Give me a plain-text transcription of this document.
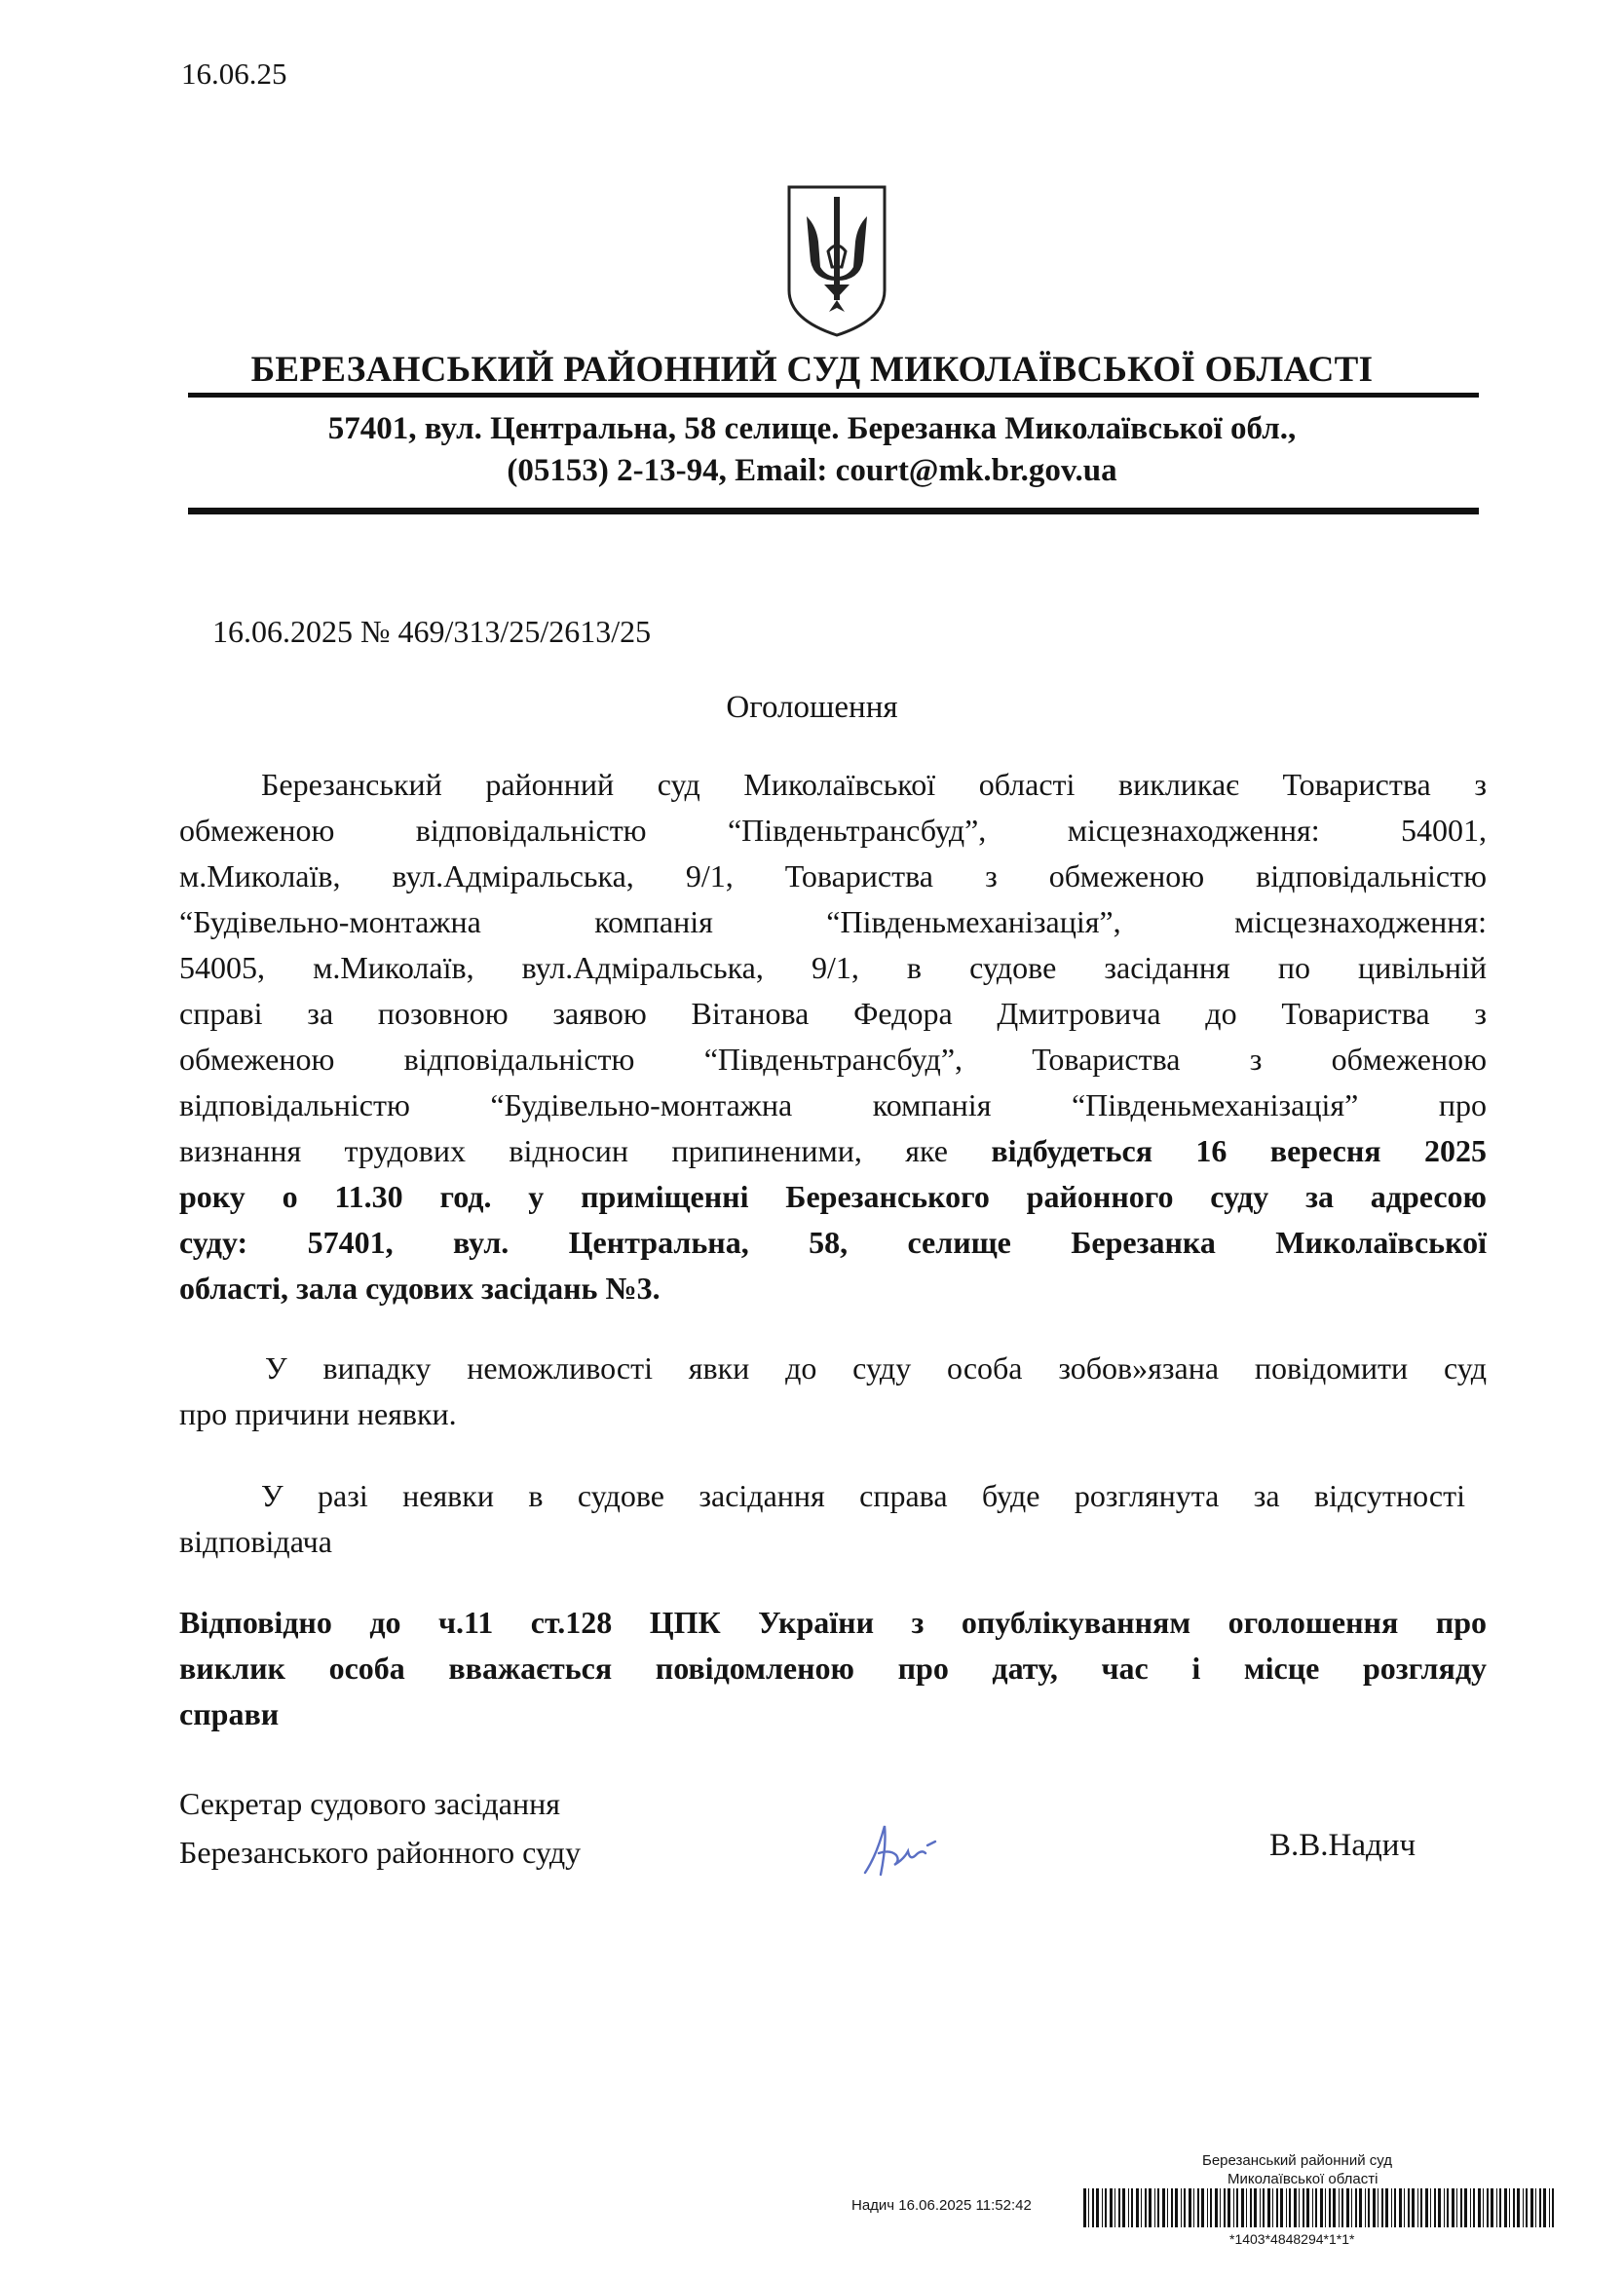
16.06.25
БЕРЕЗАНСЬКИЙ РАЙОННИЙ СУД МИКОЛАЇВСЬКОЇ ОБЛАСТІ
57401, вул. Центральна, 58 селище. Березанка Миколаївської обл.,
(05153) 2-13-94, Email: court@mk.br.gov.ua
16.06.2025 № 469/313/25/2613/25
Оголошення
Березанський районний суд Миколаївської області викликає Товариства з
обмеженою відповідальністю “Південьтрансбуд”, місцезнаходження: 54001,
м.Миколаїв, вул.Адміральська, 9/1, Товариства з обмеженою відповідальністю
“Будівельно-монтажна компанія “Південьмеханізація”, місцезнаходження:
54005, м.Миколаїв, вул.Адміральська, 9/1, в судове засідання по цивільній
справі за позовною заявою Вітанова Федора Дмитровича до Товариства з
обмеженою відповідальністю “Південьтрансбуд”, Товариства з обмеженою
відповідальністю “Будівельно-монтажна компанія “Південьмеханізація” про
визнання трудових відносин припиненими, яке відбудеться 16 вересня 2025
року о 11.30 год. у приміщенні Березанського районного суду за адресою
суду: 57401, вул. Центральна, 58, селище Березанка Миколаївської
області, зала судових засідань №3.
У випадку неможливості явки до суду особа зобов»язана повідомити суд
про причини неявки.
У разі неявки в судове засідання справа буде розглянута за відсутності
відповідача
Відповідно до ч.11 ст.128 ЦПК України з опублікуванням оголошення про
виклик особа вважається повідомленою про дату, час і місце розгляду
справи
Секретар судового засідання
Березанського районного суду	В.В.Надич
Березанський районний суд
Миколаївської області
Надич 16.06.2025 11:52:42
*1403*4848294*1*1*
